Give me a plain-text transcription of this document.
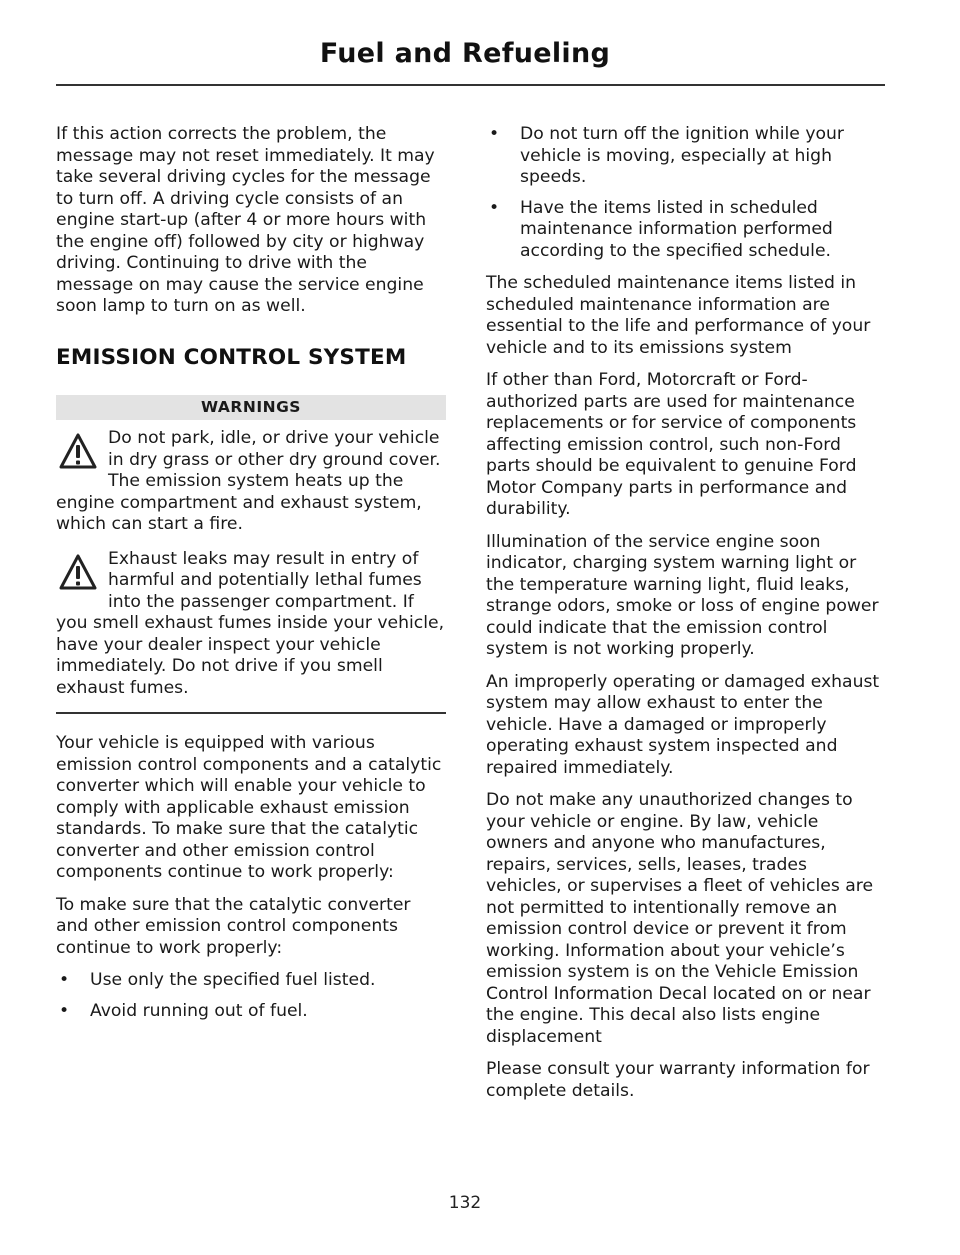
Fuel and Refueling

If this action corrects the problem, the message may not reset immediately. It may take several driving cycles for the message to turn off. A driving cycle consists of an engine start-up (after 4 or more hours with the engine off) followed by city or highway driving. Continuing to drive with the message on may cause the service engine soon lamp to turn on as well.

EMISSION CONTROL SYSTEM
WARNINGS
Do not park, idle, or drive your vehicle in dry grass or other dry ground cover. The emission system heats up the engine compartment and exhaust system, which can start a fire.
Exhaust leaks may result in entry of harmful and potentially lethal fumes into the passenger compartment. If you smell exhaust fumes inside your vehicle, have your dealer inspect your vehicle immediately. Do not drive if you smell exhaust fumes.

Your vehicle is equipped with various emission control components and a catalytic converter which will enable your vehicle to comply with applicable exhaust emission standards. To make sure that the catalytic converter and other emission control components continue to work properly:

To make sure that the catalytic converter and other emission control components continue to work properly:

• Use only the specified fuel listed.
• Avoid running out of fuel.
• Do not turn off the ignition while your vehicle is moving, especially at high speeds.
• Have the items listed in scheduled maintenance information performed according to the specified schedule.

The scheduled maintenance items listed in scheduled maintenance information are essential to the life and performance of your vehicle and to its emissions system

If other than Ford, Motorcraft or Ford-authorized parts are used for maintenance replacements or for service of components affecting emission control, such non-Ford parts should be equivalent to genuine Ford Motor Company parts in performance and durability.

Illumination of the service engine soon indicator, charging system warning light or the temperature warning light, fluid leaks, strange odors, smoke or loss of engine power could indicate that the emission control system is not working properly.

An improperly operating or damaged exhaust system may allow exhaust to enter the vehicle. Have a damaged or improperly operating exhaust system inspected and repaired immediately.

Do not make any unauthorized changes to your vehicle or engine. By law, vehicle owners and anyone who manufactures, repairs, services, sells, leases, trades vehicles, or supervises a fleet of vehicles are not permitted to intentionally remove an emission control device or prevent it from working. Information about your vehicle’s emission system is on the Vehicle Emission Control Information Decal located on or near the engine. This decal also lists engine displacement

Please consult your warranty information for complete details.

132
